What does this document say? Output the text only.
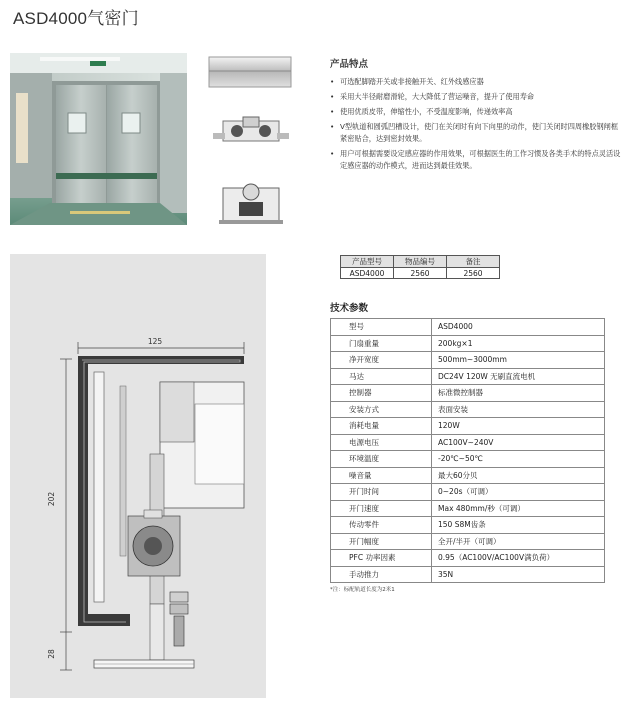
ASD4000气密门
产品特点
• 可选配脚踏开关或非接触开关、红外线感应器
• 采用大半径耐磨滑轮，大大降低了营运噪音，提升了使用寿命
• 使用优质皮带，伸缩性小，不受温度影响，传递效率高
• V型轨道和圆弧凹槽设计，使门在关闭时有向下向里的动作，使门关闭时四周橡胶钢闸框紧密贴合，达到密封效果。
• 用户可根据需要设定感应器的作用效果，可根据医生的工作习惯及各类手术的特点灵活设定感应器的动作模式，进而达到最佳效果。
125
202
28
产品型号	物品编号	备注
ASD4000	2560	2560
技术参数
型号	ASD4000
门扇重量	200kg×1
净开宽度	500mm~3000mm
马达	DC24V 120W 无刷直流电机
控制器	标准微控制器
安装方式	表面安装
消耗电量	120W
电源电压	AC100V~240V
环境温度	-20℃~50℃
噪音量	最大60分贝
开门时间	0~20s（可调）
开门速度	Max 480mm/秒（可调）
传动零件	150 S8M齿条
开门幅度	全开/半开（可调）
PFC 功率因素	0.95（AC100V/AC100V满负荷）
手动推力	35N
*注：标配轨道长度为2米1
